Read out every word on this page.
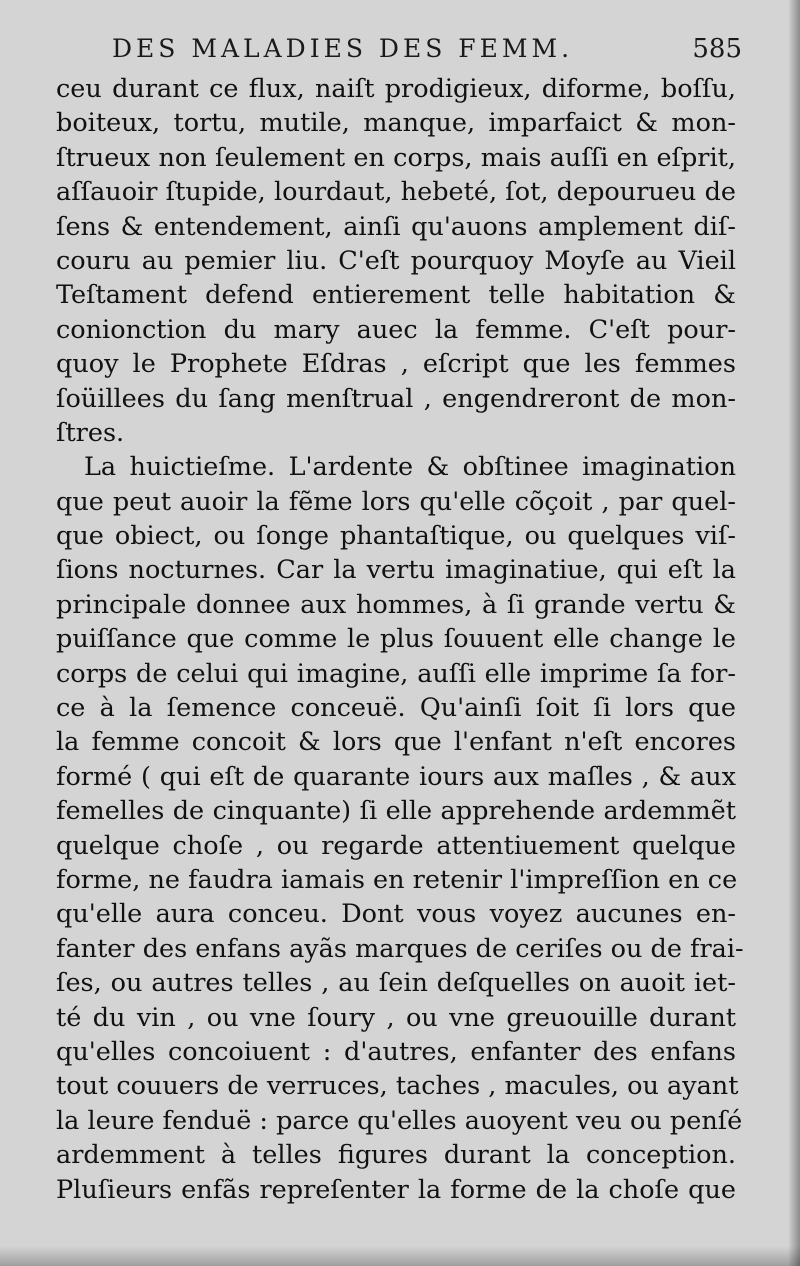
DES MALADIES DES FEMM.	585
ceu durant ce flux, naiſt prodigieux, diforme, boſſu,
boiteux, tortu, mutile, manque, imparfaict & mon-
ſtrueux non ſeulement en corps, mais auſſi en eſprit,
aſſauoir ſtupide, lourdaut, hebeté, ſot, depourueu de
ſens & entendement, ainſi qu'auons amplement diſ-
couru au pemier liu. C'eſt pourquoy Moyſe au Vieil
Teſtament defend entierement telle habitation &
conionction du mary auec la femme. C'eſt pour-
quoy le Prophete Eſdras , eſcript que les femmes
ſoüillees du ſang menſtrual , engendreront de mon-
ſtres.
La huictieſme. L'ardente & obſtinee imagination
que peut auoir la fẽme lors qu'elle cõçoit , par quel-
que obiect, ou ſonge phantaſtique, ou quelques viſ-
ſions nocturnes. Car la vertu imaginatiue, qui eſt la
principale donnee aux hommes, à ſi grande vertu &
puiſſance que comme le plus ſouuent elle change le
corps de celui qui imagine, auſſi elle imprime ſa for-
ce à la ſemence conceuë. Qu'ainſi ſoit ſi lors que
la femme concoit & lors que l'enfant n'eſt encores
formé ( qui eſt de quarante iours aux maſles , & aux
femelles de cinquante) ſi elle apprehende ardemmẽt
quelque choſe , ou regarde attentiuement quelque
forme, ne faudra iamais en retenir l'impreſſion en ce
qu'elle aura conceu. Dont vous voyez aucunes en-
fanter des enfans ayãs marques de ceriſes ou de frai-
ſes, ou autres telles , au ſein deſquelles on auoit iet-
té du vin , ou vne ſoury , ou vne greuouille durant
qu'elles concoiuent : d'autres, enfanter des enfans
tout couuers de verruces, taches , macules, ou ayant
la leure fenduë : parce qu'elles auoyent veu ou penſé
ardemment à telles figures durant la conception.
Pluſieurs enfãs repreſenter la forme de la choſe que
